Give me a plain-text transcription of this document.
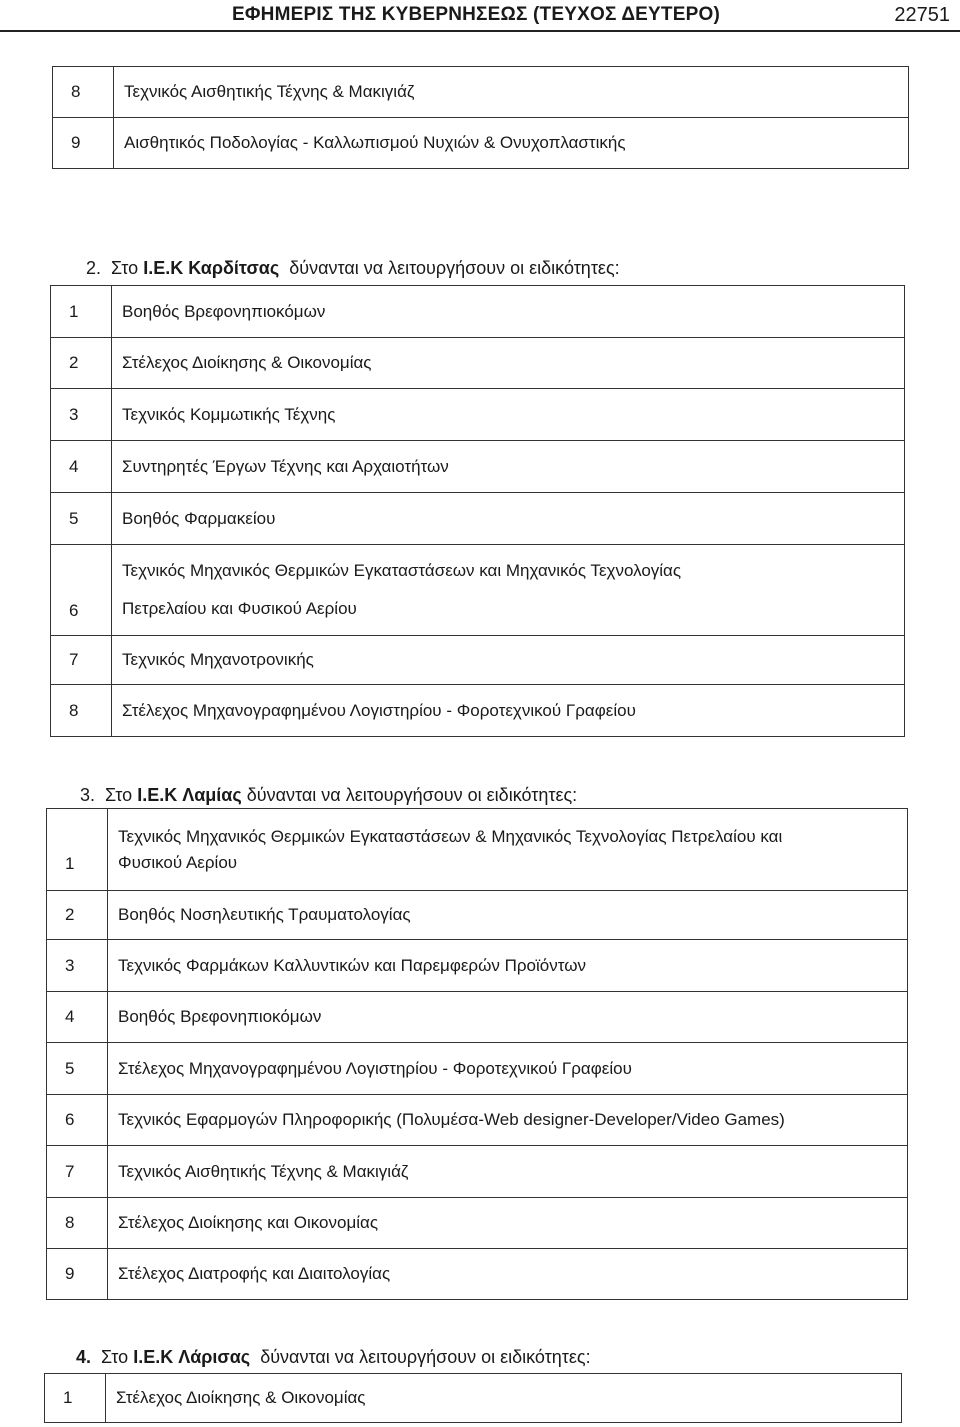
ΕΦΗΜΕΡΙΣ ΤΗΣ ΚΥΒΕΡΝΗΣΕΩΣ (ΤΕΥΧΟΣ ΔΕΥΤΕΡΟ)	22751
8	Τεχνικός Αισθητικής Τέχνης & Μακιγιάζ
9	Αισθητικός Ποδολογίας - Καλλωπισμού Νυχιών & Ονυχοπλαστικής
2. Στο Ι.Ε.Κ Καρδίτσας δύνανται να λειτουργήσουν οι ειδικότητες:
1	Βοηθός Βρεφονηπιοκόμων
2	Στέλεχος Διοίκησης & Οικονομίας
3	Τεχνικός Κομμωτικής Τέχνης
4	Συντηρητές Έργων Τέχνης και Αρχαιοτήτων
5	Βοηθός Φαρμακείου
6	Τεχνικός Μηχανικός Θερμικών Εγκαταστάσεων και Μηχανικός Τεχνολογίας
Πετρελαίου και Φυσικού Αερίου

7	Τεχνικός Μηχανοτρονικής
8	Στέλεχος Μηχανογραφημένου Λογιστηρίου - Φοροτεχνικού Γραφείου
3. Στο Ι.Ε.Κ Λαμίας δύνανται να λειτουργήσουν οι ειδικότητες:
1	Τεχνικός Μηχανικός Θερμικών Εγκαταστάσεων & Μηχανικός Τεχνολογίας Πετρελαίου και
Φυσικού Αερίου

2	Βοηθός Νοσηλευτικής Τραυματολογίας
3	Τεχνικός Φαρμάκων Καλλυντικών και Παρεμφερών Προϊόντων
4	Βοηθός Βρεφονηπιοκόμων
5	Στέλεχος Μηχανογραφημένου Λογιστηρίου - Φοροτεχνικού Γραφείου
6	Τεχνικός Εφαρμογών Πληροφορικής (Πολυμέσα-Web designer-Developer/Video Games)
7	Τεχνικός Αισθητικής Τέχνης & Μακιγιάζ
8	Στέλεχος Διοίκησης και Οικονομίας
9	Στέλεχος Διατροφής και Διαιτολογίας
4. Στο Ι.Ε.Κ Λάρισας δύνανται να λειτουργήσουν οι ειδικότητες:
1	Στέλεχος Διοίκησης & Οικονομίας
